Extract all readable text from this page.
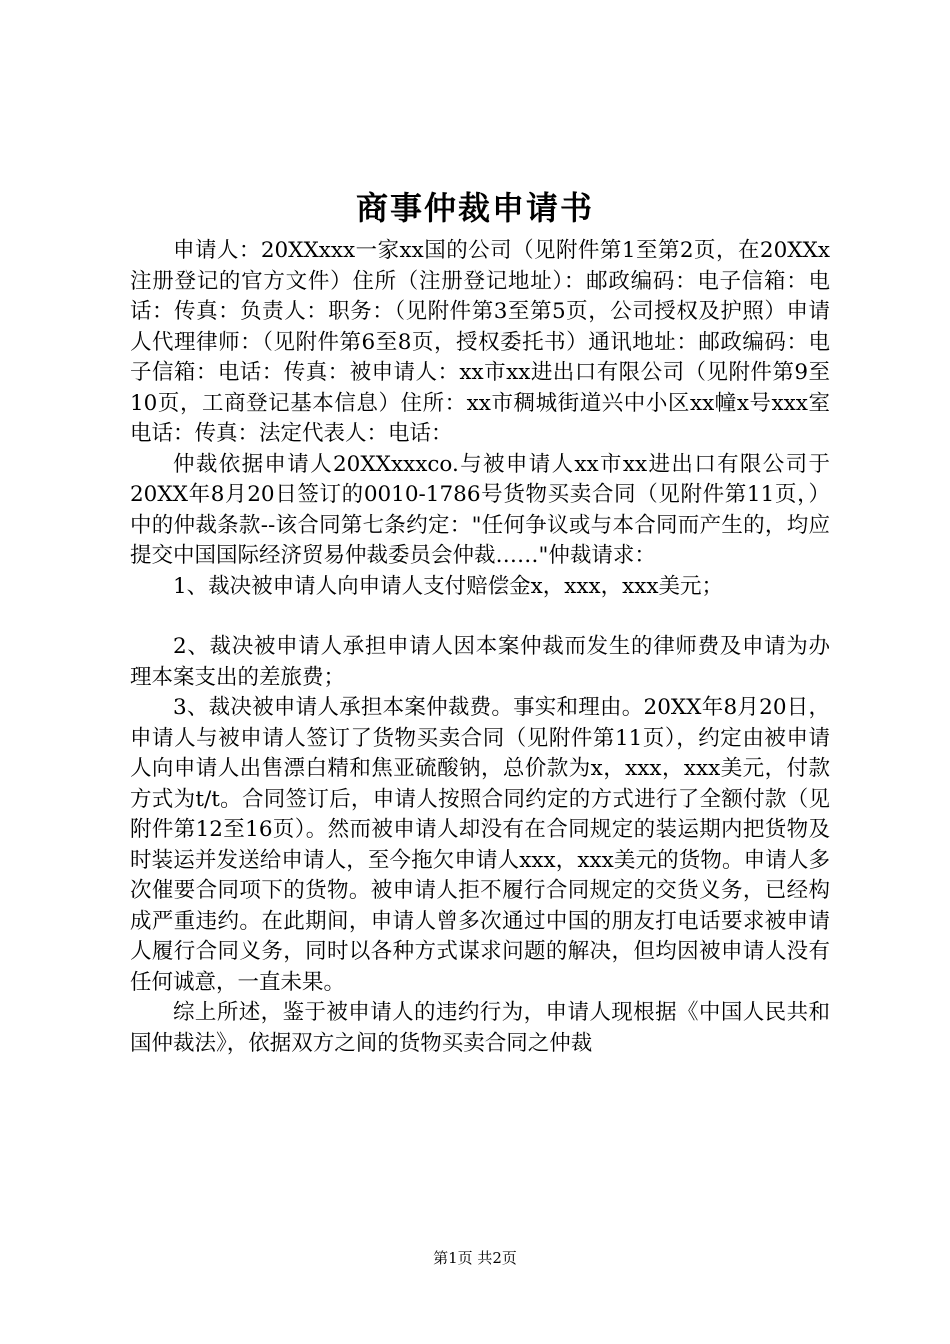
商事仲裁申请书

申请人：20XXxxx一家xx国的公司（见附件第1至第2页，在20XXx注册登记的官方文件）住所（注册登记地址）：邮政编码：电子信箱：电话：传真：负责人：职务：（见附件第3至第5页，公司授权及护照）申请人代理律师：（见附件第6至8页，授权委托书）通讯地址：邮政编码：电子信箱：电话：传真：被申请人：xx市xx进出口有限公司（见附件第9至10页，工商登记基本信息）住所：xx市稠城街道兴中小区xx幢x号xxx室电话：传真：法定代表人：电话：

仲裁依据申请人20XXxxxco.与被申请人xx市xx进出口有限公司于20XX年8月20日签订的0010-1786号货物买卖合同（见附件第11页，）中的仲裁条款--该合同第七条约定："任何争议或与本合同而产生的，均应提交中国国际经济贸易仲裁委员会仲裁……"仲裁请求：

1、裁决被申请人向申请人支付赔偿金x，xxx，xxx美元；

2、裁决被申请人承担申请人因本案仲裁而发生的律师费及申请为办理本案支出的差旅费；

3、裁决被申请人承担本案仲裁费。事实和理由。20XX年8月20日，申请人与被申请人签订了货物买卖合同（见附件第11页），约定由被申请人向申请人出售漂白精和焦亚硫酸钠，总价款为x，xxx，xxx美元，付款方式为t/t。合同签订后，申请人按照合同约定的方式进行了全额付款（见附件第12至16页）。然而被申请人却没有在合同规定的装运期内把货物及时装运并发送给申请人，至今拖欠申请人xxx，xxx美元的货物。申请人多次催要合同项下的货物。被申请人拒不履行合同规定的交货义务，已经构成严重违约。在此期间，申请人曾多次通过中国的朋友打电话要求被申请人履行合同义务，同时以各种方式谋求问题的解决，但均因被申请人没有任何诚意，一直未果。

综上所述，鉴于被申请人的违约行为，申请人现根据《中国人民共和国仲裁法》，依据双方之间的货物买卖合同之仲裁

第1页 共2页
